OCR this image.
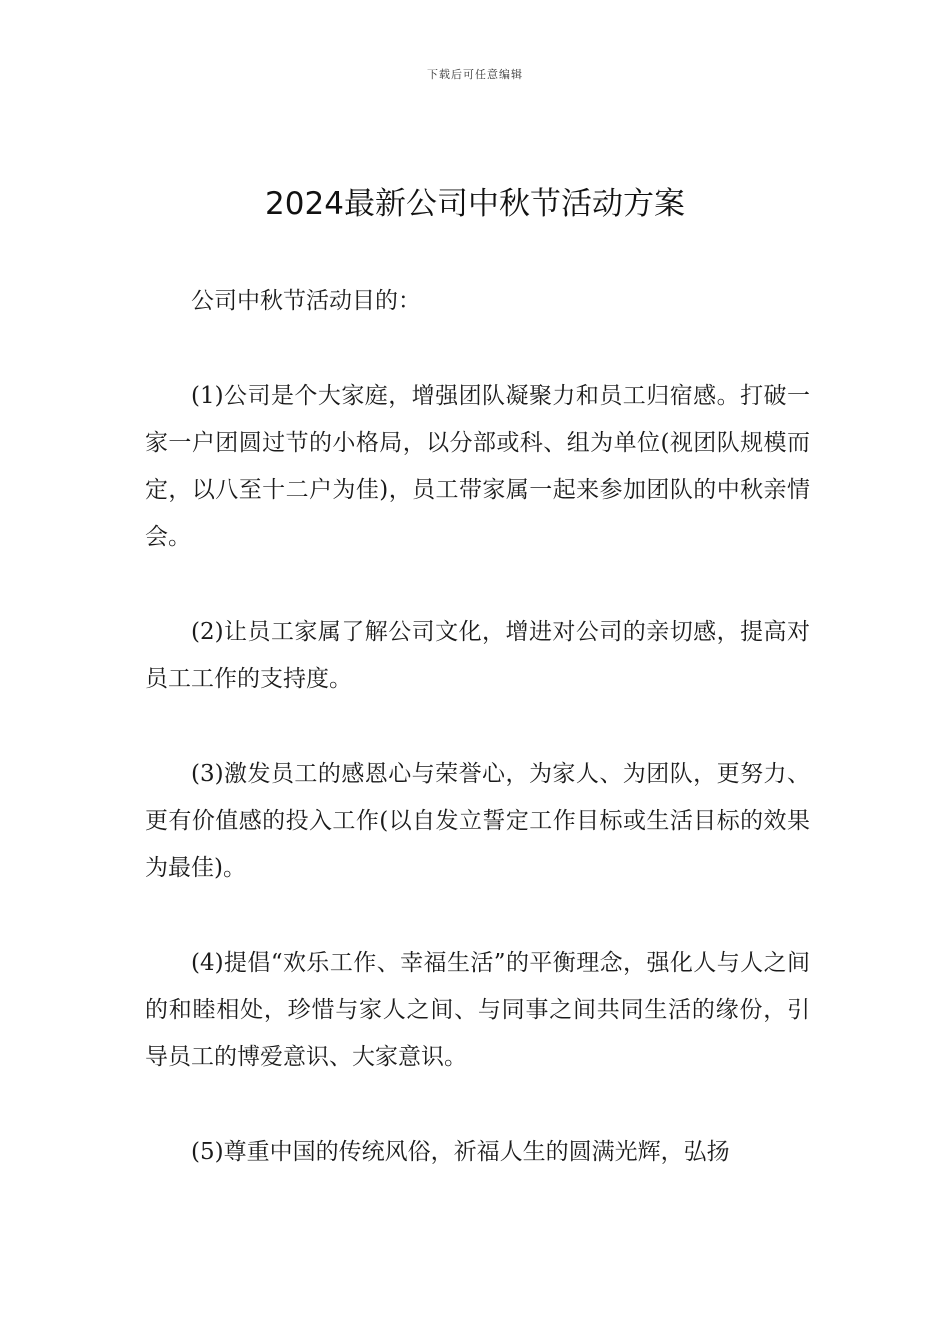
下载后可任意编辑
2024最新公司中秋节活动方案

公司中秋节活动目的：

(1)公司是个大家庭，增强团队凝聚力和员工归宿感。打破一家一户团圆过节的小格局，以分部或科、组为单位(视团队规模而定，以八至十二户为佳)，员工带家属一起来参加团队的中秋亲情会。

(2)让员工家属了解公司文化，增进对公司的亲切感，提高对员工工作的支持度。

(3)激发员工的感恩心与荣誉心，为家人、为团队，更努力、更有价值感的投入工作(以自发立誓定工作目标或生活目标的效果为最佳)。

(4)提倡“欢乐工作、幸福生活”的平衡理念，强化人与人之间的和睦相处，珍惜与家人之间、与同事之间共同生活的缘份，引导员工的博爱意识、大家意识。

(5)尊重中国的传统风俗，祈福人生的圆满光辉，弘扬
